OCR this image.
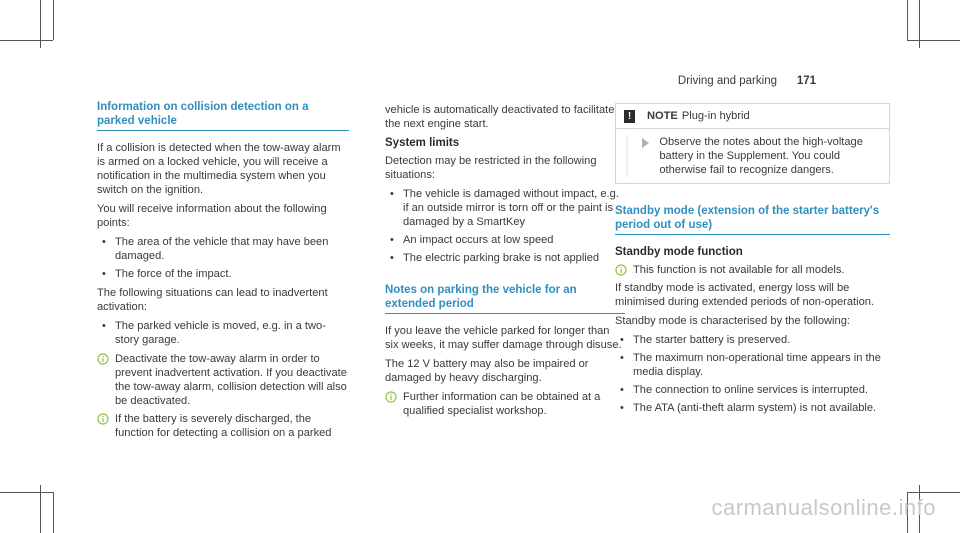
Driving and parking 171
Information on collision detection on a parked vehicle

If a collision is detected when the tow-away alarm is armed on a locked vehicle, you will receive a notification in the multimedia system when you switch on the ignition.

You will receive information about the following points:

• The area of the vehicle that may have been damaged.
• The force of the impact.

The following situations can lead to inadvertent activation:

• The parked vehicle is moved, e.g. in a two-story garage.
Deactivate the tow-away alarm in order to prevent inadvertent activation. If you deactivate the tow-away alarm, collision detection will also be deactivated.
If the battery is severely discharged, the function for detecting a collision on a parked

vehicle is automatically deactivated to facilitate the next engine start.

System limits

Detection may be restricted in the following situations:

• The vehicle is damaged without impact, e.g. if an outside mirror is torn off or the paint is damaged by a SmartKey
• An impact occurs at low speed
• The electric parking brake is not applied
Notes on parking the vehicle for an extended period

If you leave the vehicle parked for longer than six weeks, it may suffer damage through disuse.

The 12 V battery may also be impaired or damaged by heavy discharging.

Further information can be obtained at a qualified specialist workshop.
!	NOTE Plug-in hybrid
Observe the notes about the high-voltage battery in the Supplement. You could otherwise fail to recognize dangers.
Standby mode (extension of the starter battery's period out of use)
Standby mode function
This function is not available for all models.

If standby mode is activated, energy loss will be minimised during extended periods of non-operation.

Standby mode is characterised by the following:

• The starter battery is preserved.
• The maximum non-operational time appears in the media display.
• The connection to online services is interrupted.
• The ATA (anti-theft alarm system) is not available.
carmanualsonline.info
